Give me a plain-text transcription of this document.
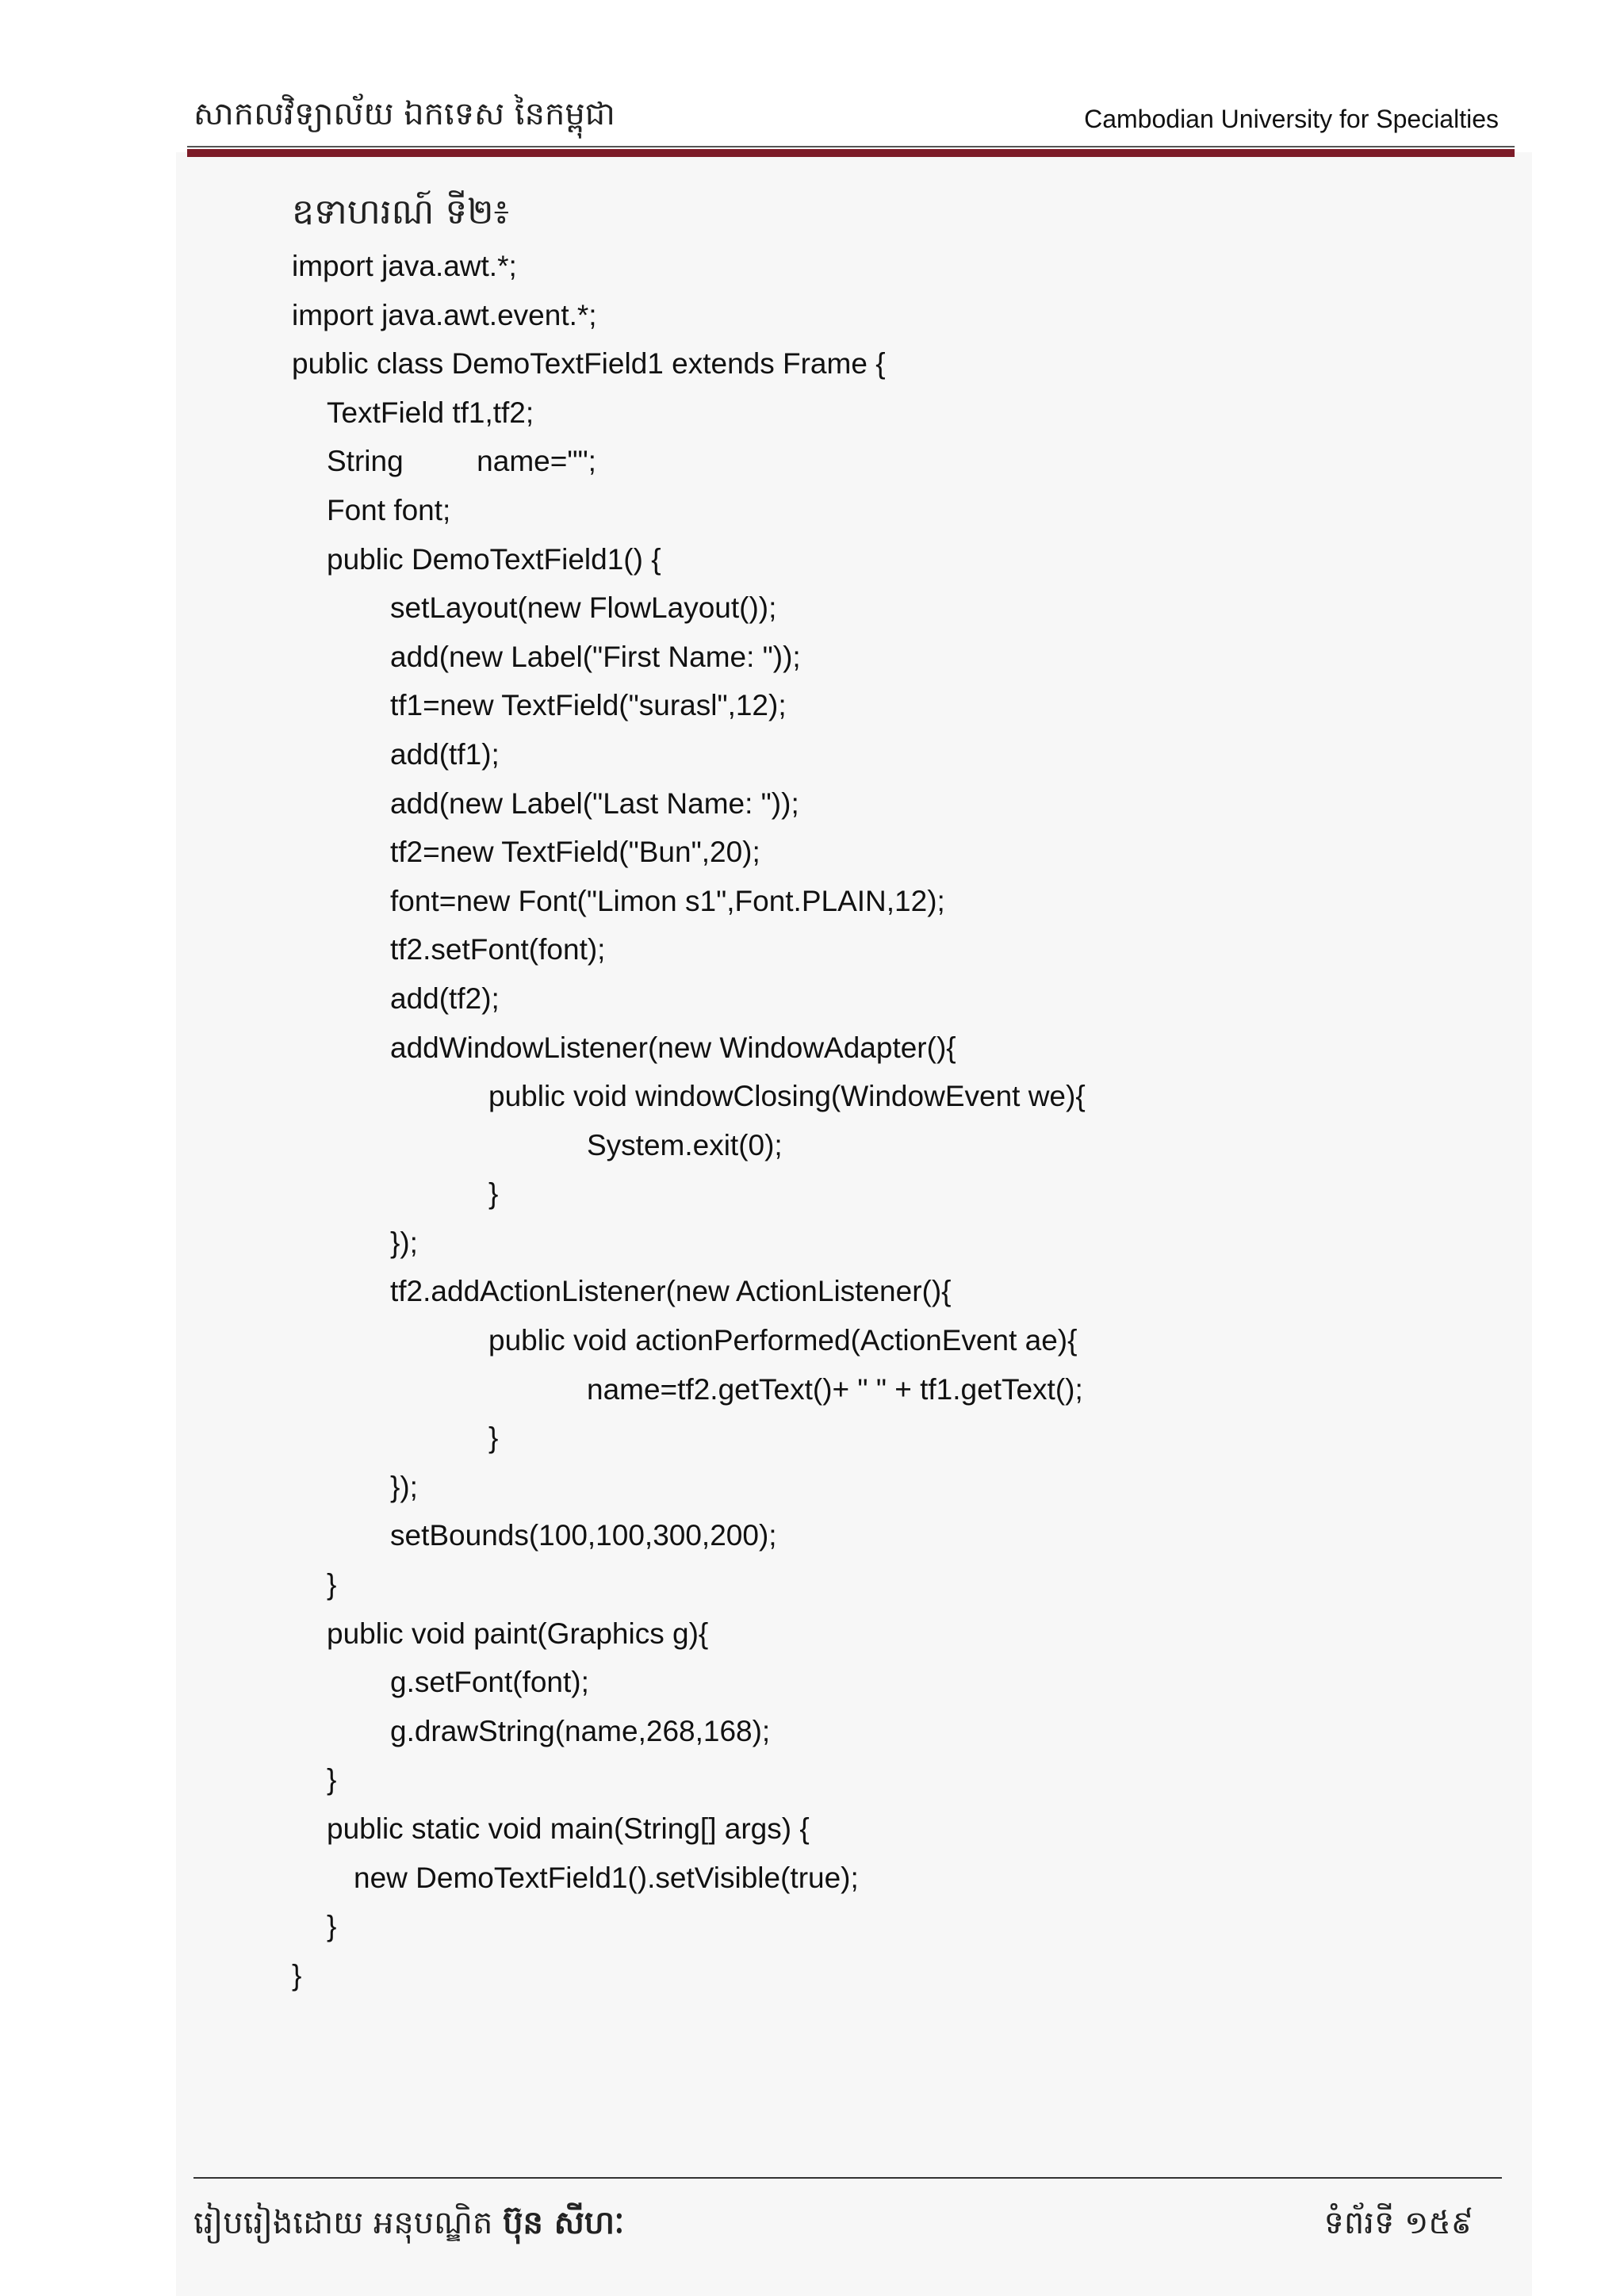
សាកលវិទ្យាល័យ ឯកទេស នៃកម្ពុជា	Cambodian University for Specialties
ឧទាហរណ៍ ទី២៖
import java.awt.*;
import java.awt.event.*;
public class DemoTextField1 extends Frame {
TextField tf1,tf2;
String         name="";
Font font;
public DemoTextField1() {
setLayout(new FlowLayout());
add(new Label("First Name: "));
tf1=new TextField("surasl",12);
add(tf1);
add(new Label("Last Name: "));
tf2=new TextField("Bun",20);
font=new Font("Limon s1",Font.PLAIN,12);
tf2.setFont(font);
add(tf2);
addWindowListener(new WindowAdapter(){
public void windowClosing(WindowEvent we){
System.exit(0);
}
});
tf2.addActionListener(new ActionListener(){
public void actionPerformed(ActionEvent ae){
name=tf2.getText()+ " " + tf1.getText();
}
});
setBounds(100,100,300,200);
}
public void paint(Graphics g){
g.setFont(font);
g.drawString(name,268,168);
}
public static void main(String[] args) {
new DemoTextField1().setVisible(true);
}
}
រៀបរៀងដោយ អនុបណ្ឌិត ប៊ុន សីហៈ	ទំព័រទី ១៥៩
